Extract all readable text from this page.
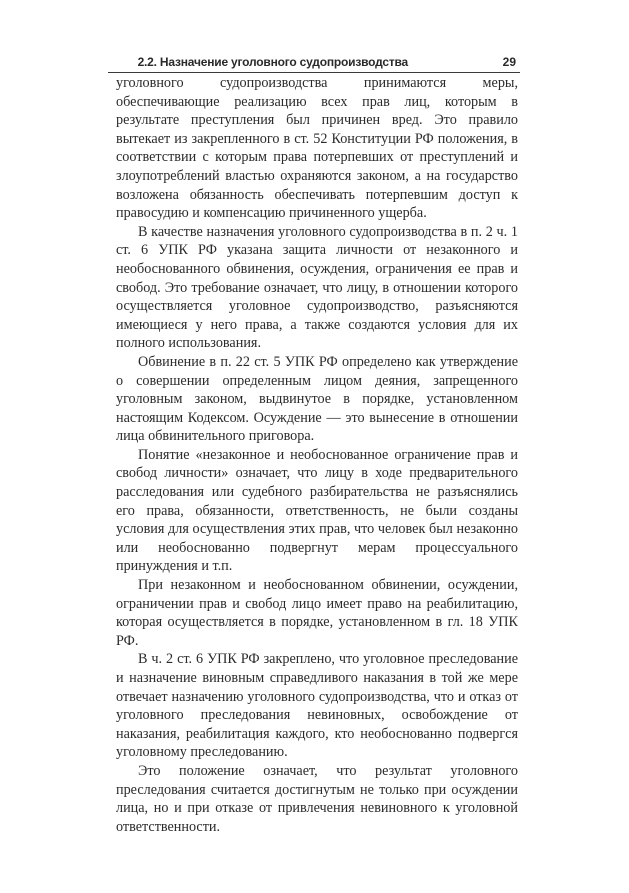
2.2. Назначение уголовного судопроизводства	29

уголовного судопроизводства принимаются меры, обеспечивающие реализацию всех прав лиц, которым в результате преступления был причинен вред. Это правило вытекает из закрепленного в ст. 52 Конституции РФ положения, в соответствии с которым права потерпевших от преступлений и злоупотреблений властью охраняются законом, а на государство возложена обязанность обеспечивать потерпевшим доступ к правосудию и компенсацию причиненного ущерба.

В качестве назначения уголовного судопроизводства в п. 2 ч. 1 ст. 6 УПК РФ указана защита личности от незаконного и необоснованного обвинения, осуждения, ограничения ее прав и свобод. Это требование означает, что лицу, в отношении которого осуществляется уголовное судопроизводство, разъясняются имеющиеся у него права, а также создаются условия для их полного использования.

Обвинение в п. 22 ст. 5 УПК РФ определено как утверждение о совершении определенным лицом деяния, запрещенного уголовным законом, выдвинутое в порядке, установленном настоящим Кодексом. Осуждение — это вынесение в отношении лица обвинительного приговора.

Понятие «незаконное и необоснованное ограничение прав и свобод личности» означает, что лицу в ходе предварительного расследования или судебного разбирательства не разъяснялись его права, обязанности, ответственность, не были созданы условия для осуществления этих прав, что человек был незаконно или необоснованно подвергнут мерам процессуального принуждения и т.п.

При незаконном и необоснованном обвинении, осуждении, ограничении прав и свобод лицо имеет право на реабилитацию, которая осуществляется в порядке, установленном в гл. 18 УПК РФ.

В ч. 2 ст. 6 УПК РФ закреплено, что уголовное преследование и назначение виновным справедливого наказания в той же мере отвечает назначению уголовного судопроизводства, что и отказ от уголовного преследования невиновных, освобождение от наказания, реабилитация каждого, кто необоснованно подвергся уголовному преследованию.

Это положение означает, что результат уголовного преследования считается достигнутым не только при осуждении лица, но и при отказе от привлечения невиновного к уголовной ответственности.
